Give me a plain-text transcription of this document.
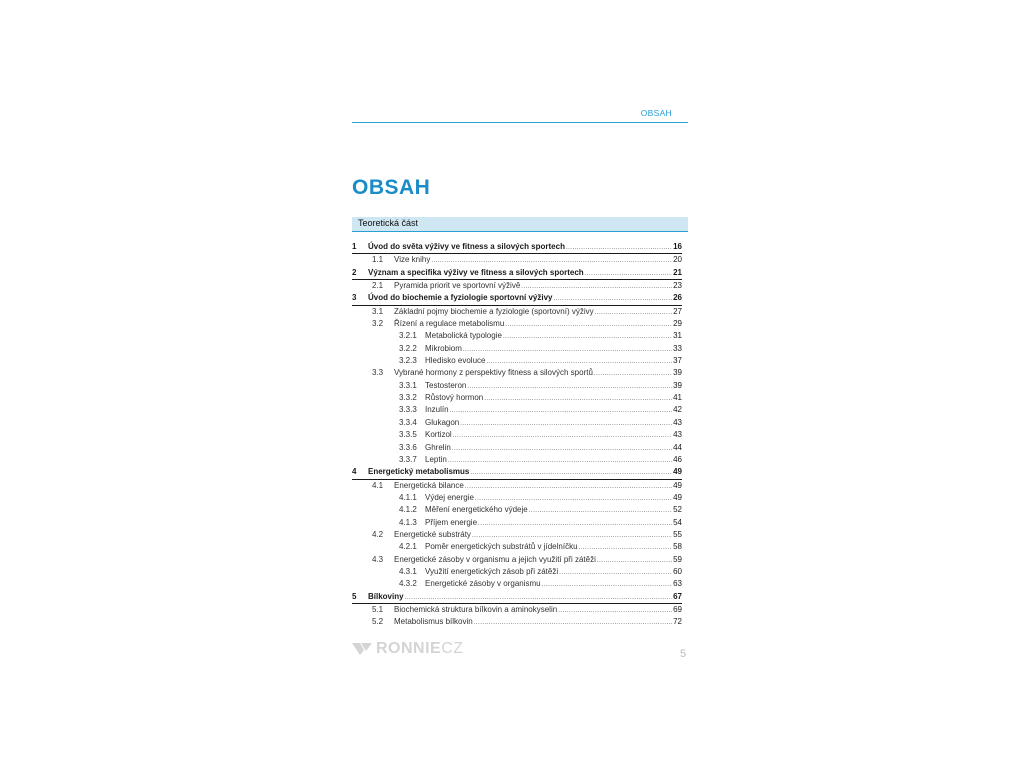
OBSAH
OBSAH
Teoretická část
1	Úvod do světa výživy ve fitness a silových sportech .....	16
1.1	Vize knihy .....	20
2	Význam a specifika výživy ve fitness a silových sportech .....	21
2.1	Pyramida priorit ve sportovní výživě .....	23
3	Úvod do biochemie a fyziologie sportovní výživy .....	26
3.1	Základní pojmy biochemie a fyziologie (sportovní) výživy .....	27
3.2	Řízení a regulace metabolismu .....	29
3.2.1	Metabolická typologie .....	31
3.2.2	Mikrobiom .....	33
3.2.3	Hledisko evoluce .....	37
3.3	Vybrané hormony z perspektivy fitness a silových sportů .....	39
3.3.1	Testosteron .....	39
3.3.2	Růstový hormon .....	41
3.3.3	Inzulín .....	42
3.3.4	Glukagon .....	43
3.3.5	Kortizol .....	43
3.3.6	Ghrelin .....	44
3.3.7	Leptin .....	46
4	Energetický metabolismus .....	49
4.1	Energetická bilance .....	49
4.1.1	Výdej energie .....	49
4.1.2	Měření energetického výdeje .....	52
4.1.3	Příjem energie .....	54
4.2	Energetické substráty .....	55
4.2.1	Poměr energetických substrátů v jídelníčku .....	58
4.3	Energetické zásoby v organismu a jejich využití při zátěži .....	59
4.3.1	Využití energetických zásob při zátěži .....	60
4.3.2	Energetické zásoby v organismu .....	63
5	Bílkoviny .....	67
5.1	Biochemická struktura bílkovin a aminokyselin .....	69
5.2	Metabolismus bílkovin .....	72
RONNIECZ	5
